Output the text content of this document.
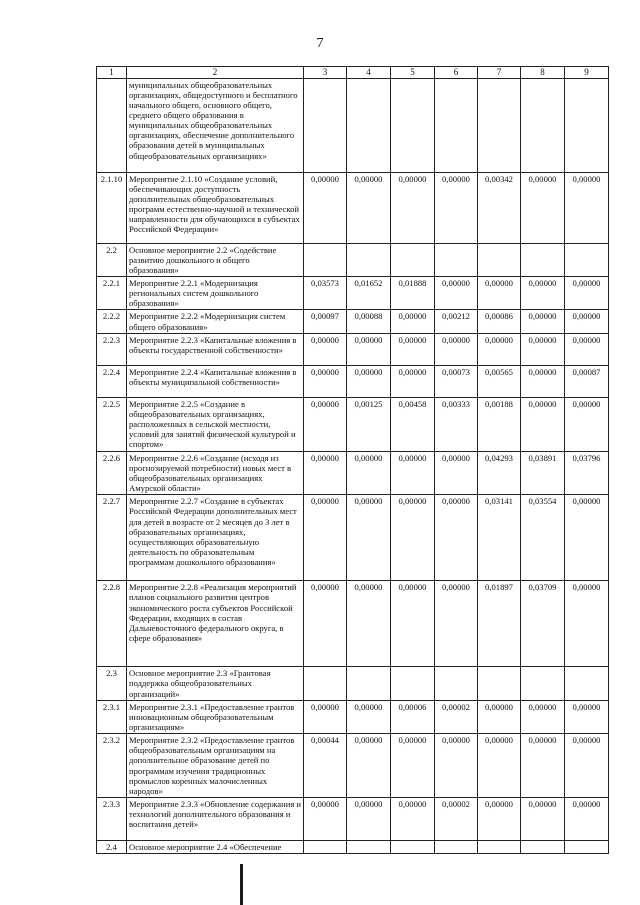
7
1	2	3	4	5	6	7	8	9
	муниципальных общеобразовательных организациях, общедоступного и бесплатного начального общего, основного общего, среднего общего образования в муниципальных общеобразовательных организациях, обеспечение дополнительного образования детей в муниципальных общеобразовательных организациях»							
2.1.10	Мероприятие 2.1.10 «Создание условий, обеспечивающих доступность дополнительных общеобразовательных программ естественно-научной и технической направленности для обучающихся в субъектах Российской Федерации»	0,00000	0,00000	0,00000	0,00000	0,00342	0,00000	0,00000
2.2	Основное мероприятие 2.2 «Содействие развитию дошкольного и общего образования»							
2.2.1	Мероприятие 2.2.1 «Модернизация региональных систем дошкольного образования»	0,03573	0,01652	0,01888	0,00000	0,00000	0,00000	0,00000
2.2.2	Мероприятие 2.2.2 «Модернизация систем общего образования»	0,00097	0,00088	0,00000	0,00212	0,00086	0,00000	0,00000
2.2.3	Мероприятие 2.2.3 «Капитальные вложения в объекты государственной собственности»	0,00000	0,00000	0,00000	0,00000	0,00000	0,00000	0,00000
2.2.4	Мероприятие 2.2.4 «Капитальные вложения в объекты муниципальной собственности»	0,00000	0,00000	0,00000	0,00073	0,00565	0,00000	0,00087
2.2.5	Мероприятие 2.2.5 «Создание в общеобразовательных организациях, расположенных в сельской местности, условий для занятий физической культурой и спортом»	0,00000	0,00125	0,00458	0,00333	0,00188	0,00000	0,00000
2.2.6	Мероприятие 2.2.6 «Создание (исходя из прогнозируемой потребности) новых мест в общеобразовательных организациях Амурской области»	0,00000	0,00000	0,00000	0,00000	0,04293	0,03891	0,03796
2.2.7	Мероприятие 2.2.7 «Создание в субъектах Российской Федерации дополнительных мест для детей в возрасте от 2 месяцев до 3 лет в образовательных организациях, осуществляющих образовательную деятельность по образовательным программам дошкольного образования»	0,00000	0,00000	0,00000	0,00000	0,03141	0,03554	0,00000
2.2.8	Мероприятие 2.2.8 «Реализация мероприятий планов социального развития центров экономического роста субъектов Российской Федерации, входящих в состав Дальневосточного федерального округа, в сфере образования»	0,00000	0,00000	0,00000	0,00000	0,01897	0,03709	0,00000
2.3	Основное мероприятие 2.3 «Грантовая поддержка общеобразовательных организаций»							
2.3.1	Мероприятие 2.3.1 «Предоставление грантов инновационным общеобразовательным организациям»	0,00000	0,00000	0,00006	0,00002	0,00000	0,00000	0,00000
2.3.2	Мероприятие 2.3.2 «Предоставление грантов общеобразовательным организациям на дополнительное образование детей по программам изучения традиционных промыслов коренных малочисленных народов»	0,00044	0,00000	0,00000	0,00000	0,00000	0,00000	0,00000
2.3.3	Мероприятие 2.3.3 «Обновление содержания и технологий дополнительного образования и воспитания детей»	0,00000	0,00000	0,00000	0,00002	0,00000	0,00000	0,00000
2.4	Основное мероприятие 2.4 «Обеспечение							
